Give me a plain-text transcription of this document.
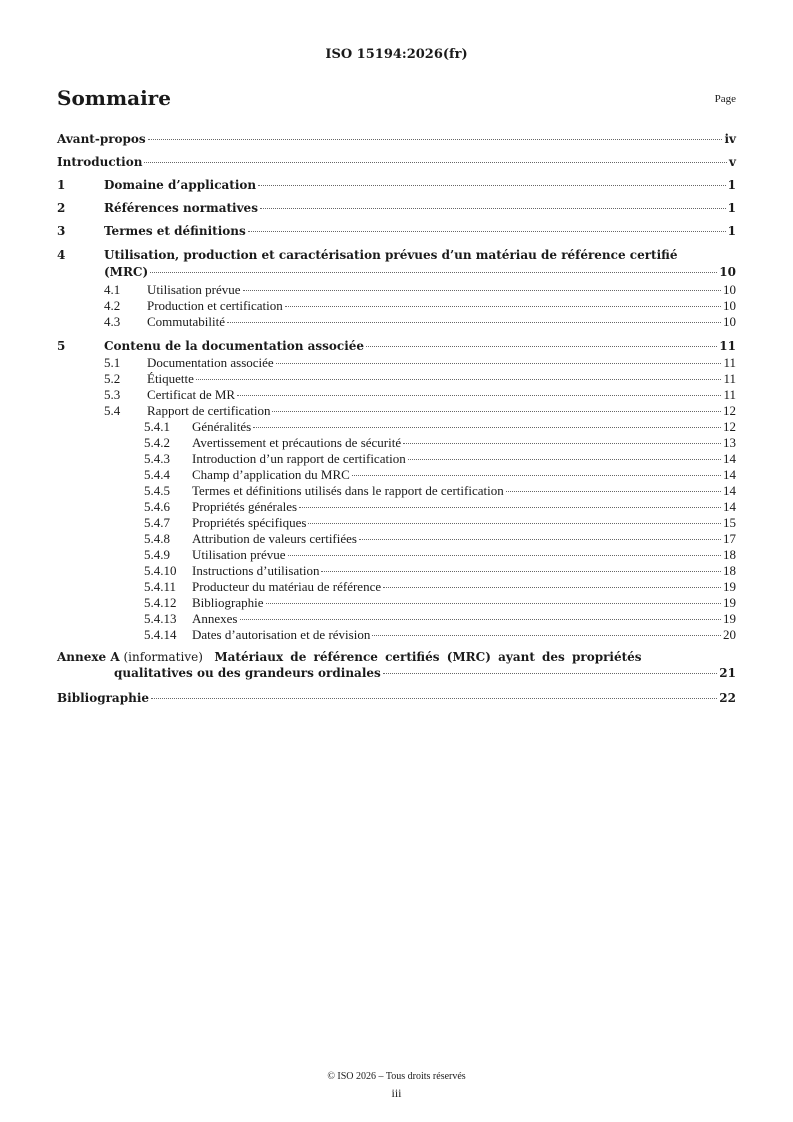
ISO 15194:2026(fr)
Sommaire	Page
Avant-propos	iv
Introduction	v
1	Domaine d’application	1
2	Références normatives	1
3	Termes et définitions	1
4	Utilisation, production et caractérisation prévues d’un matériau de référence certifié
(MRC)	10
4.1	Utilisation prévue	10
4.2	Production et certification	10
4.3	Commutabilité	10
5	Contenu de la documentation associée	11
5.1	Documentation associée	11
5.2	Étiquette	11
5.3	Certificat de MR	11
5.4	Rapport de certification	12
5.4.1	Généralités	12
5.4.2	Avertissement et précautions de sécurité	13
5.4.3	Introduction d’un rapport de certification	14
5.4.4	Champ d’application du MRC	14
5.4.5	Termes et définitions utilisés dans le rapport de certification	14
5.4.6	Propriétés générales	14
5.4.7	Propriétés spécifiques	15
5.4.8	Attribution de valeurs certifiées	17
5.4.9	Utilisation prévue	18
5.4.10	Instructions d’utilisation	18
5.4.11	Producteur du matériau de référence	19
5.4.12	Bibliographie	19
5.4.13	Annexes	19
5.4.14	Dates d’autorisation et de révision	20
Annexe A (informative) Matériaux de référence certifiés (MRC) ayant des propriétés
qualitatives ou des grandeurs ordinales	21
Bibliographie	22
© ISO 2026 – Tous droits réservés
iii
